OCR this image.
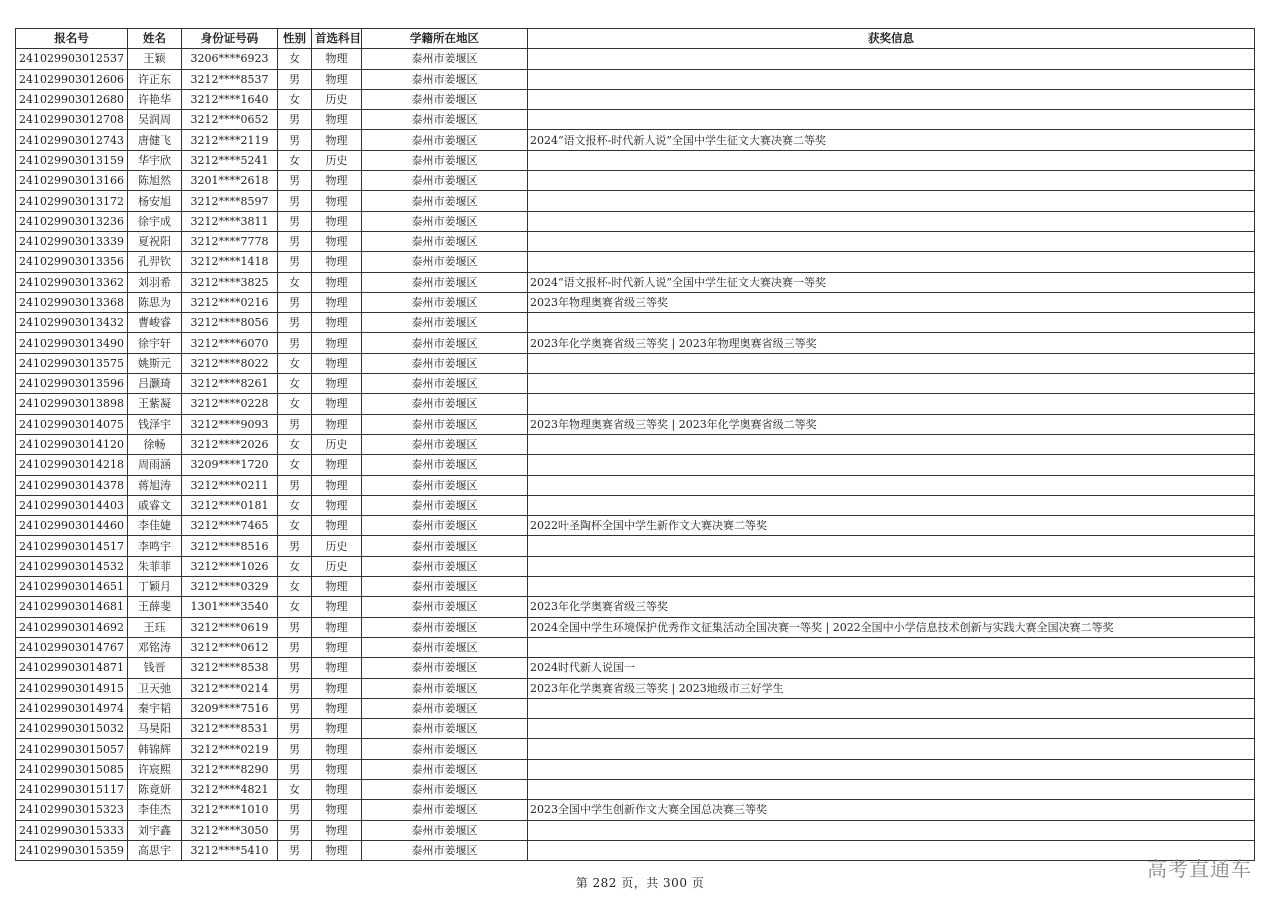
报名号	姓名	身份证号码	性别	首选科目	学籍所在地区	获奖信息
241029903012537	王颖	3206****6923	女	物理	泰州市姜堰区	
241029903012606	许正东	3212****8537	男	物理	泰州市姜堰区	
241029903012680	许艳华	3212****1640	女	历史	泰州市姜堰区	
241029903012708	吴润周	3212****0652	男	物理	泰州市姜堰区	
241029903012743	唐健飞	3212****2119	男	物理	泰州市姜堰区	2024“语文报杯-时代新人说”全国中学生征文大赛决赛二等奖
241029903013159	华宇欣	3212****5241	女	历史	泰州市姜堰区	
241029903013166	陈旭然	3201****2618	男	物理	泰州市姜堰区	
241029903013172	杨安旭	3212****8597	男	物理	泰州市姜堰区	
241029903013236	徐宇成	3212****3811	男	物理	泰州市姜堰区	
241029903013339	夏祝阳	3212****7778	男	物理	泰州市姜堰区	
241029903013356	孔羿钦	3212****1418	男	物理	泰州市姜堰区	
241029903013362	刘羽希	3212****3825	女	物理	泰州市姜堰区	2024“语文报杯-时代新人说”全国中学生征文大赛决赛一等奖
241029903013368	陈思为	3212****0216	男	物理	泰州市姜堰区	2023年物理奥赛省级三等奖
241029903013432	曹峻睿	3212****8056	男	物理	泰州市姜堰区	
241029903013490	徐宇轩	3212****6070	男	物理	泰州市姜堰区	2023年化学奥赛省级三等奖 | 2023年物理奥赛省级三等奖
241029903013575	姚斯元	3212****8022	女	物理	泰州市姜堰区	
241029903013596	吕灏琦	3212****8261	女	物理	泰州市姜堰区	
241029903013898	王紫凝	3212****0228	女	物理	泰州市姜堰区	
241029903014075	钱泽宇	3212****9093	男	物理	泰州市姜堰区	2023年物理奥赛省级三等奖 | 2023年化学奥赛省级二等奖
241029903014120	徐畅	3212****2026	女	历史	泰州市姜堰区	
241029903014218	周雨涵	3209****1720	女	物理	泰州市姜堰区	
241029903014378	蒋旭涛	3212****0211	男	物理	泰州市姜堰区	
241029903014403	戚睿文	3212****0181	女	物理	泰州市姜堰区	
241029903014460	李佳婕	3212****7465	女	物理	泰州市姜堰区	2022叶圣陶杯全国中学生新作文大赛决赛二等奖
241029903014517	李鸣宇	3212****8516	男	历史	泰州市姜堰区	
241029903014532	朱菲菲	3212****1026	女	历史	泰州市姜堰区	
241029903014651	丁颖月	3212****0329	女	物理	泰州市姜堰区	
241029903014681	王薛斐	1301****3540	女	物理	泰州市姜堰区	2023年化学奥赛省级三等奖
241029903014692	王珏	3212****0619	男	物理	泰州市姜堰区	2024全国中学生环境保护优秀作文征集活动全国决赛一等奖 | 2022全国中小学信息技术创新与实践大赛全国决赛二等奖
241029903014767	邓铭涛	3212****0612	男	物理	泰州市姜堰区	
241029903014871	钱晋	3212****8538	男	物理	泰州市姜堰区	2024时代新人说国一
241029903014915	卫天弛	3212****0214	男	物理	泰州市姜堰区	2023年化学奥赛省级三等奖 | 2023地级市三好学生
241029903014974	秦宇韬	3209****7516	男	物理	泰州市姜堰区	
241029903015032	马昊阳	3212****8531	男	物理	泰州市姜堰区	
241029903015057	韩锦辉	3212****0219	男	物理	泰州市姜堰区	
241029903015085	许宸熙	3212****8290	男	物理	泰州市姜堰区	
241029903015117	陈竟妍	3212****4821	女	物理	泰州市姜堰区	
241029903015323	李佳杰	3212****1010	男	物理	泰州市姜堰区	2023全国中学生创新作文大赛全国总决赛三等奖
241029903015333	刘宇鑫	3212****3050	男	物理	泰州市姜堰区	
241029903015359	高思宇	3212****5410	男	物理	泰州市姜堰区	
第 282 页，共 300 页
高考直通车
